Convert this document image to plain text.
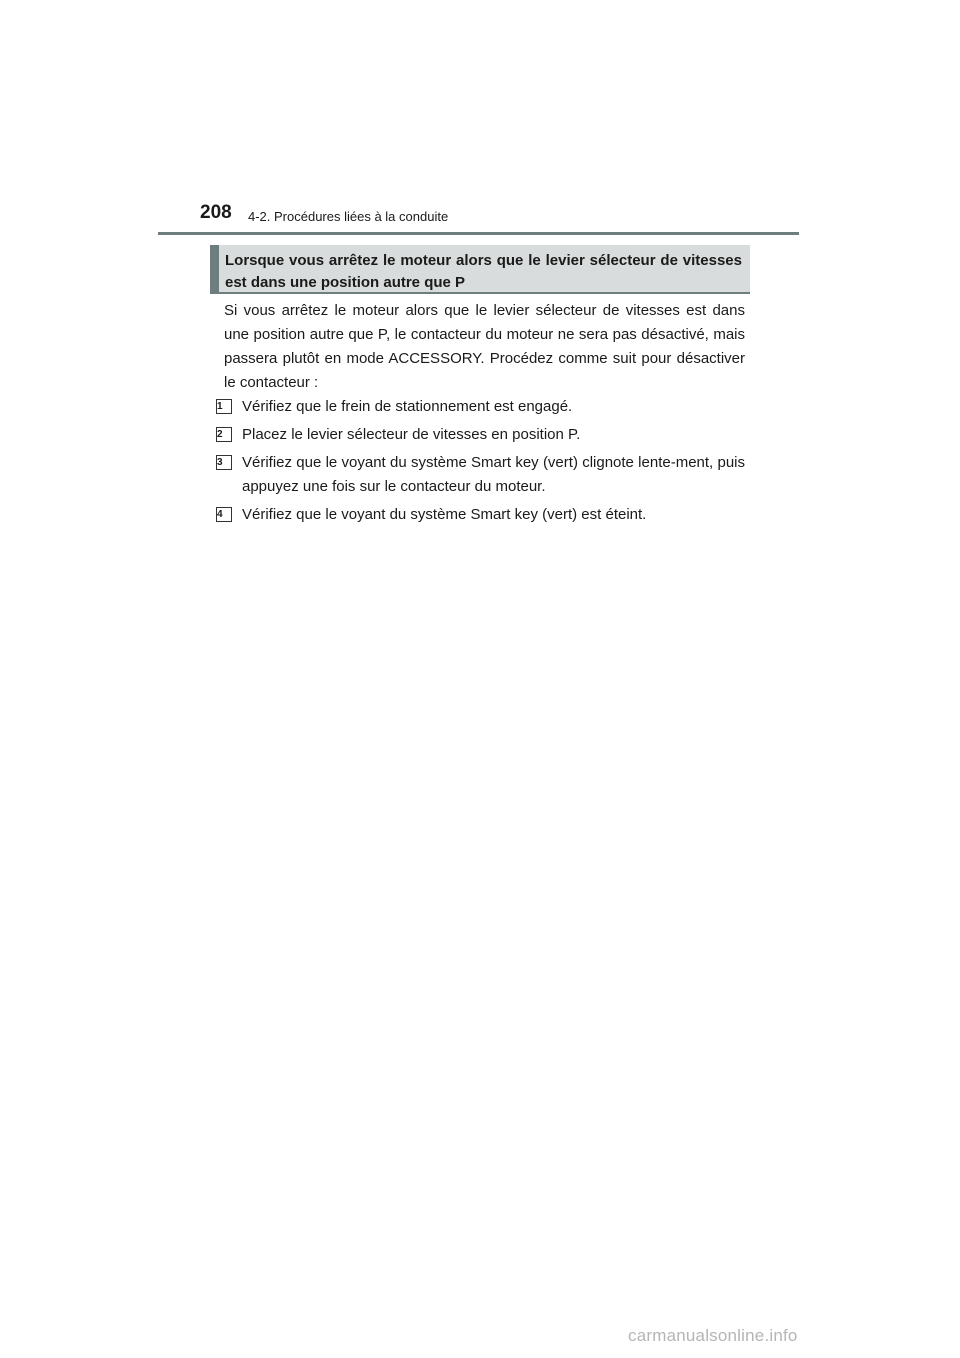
208 4-2. Procédures liées à la conduite
Lorsque vous arrêtez le moteur alors que le levier sélecteur de vitesses est dans une position autre que P

Si vous arrêtez le moteur alors que le levier sélecteur de vitesses est dans une position autre que P, le contacteur du moteur ne sera pas désactivé, mais passera plutôt en mode ACCESSORY. Procédez comme suit pour désactiver le contacteur :

1	Vérifiez que le frein de stationnement est engagé.
2	Placez le levier sélecteur de vitesses en position P.
3	Vérifiez que le voyant du système Smart key (vert) clignote lente-ment, puis appuyez une fois sur le contacteur du moteur.
4	Vérifiez que le voyant du système Smart key (vert) est éteint.
carmanualsonline.info
